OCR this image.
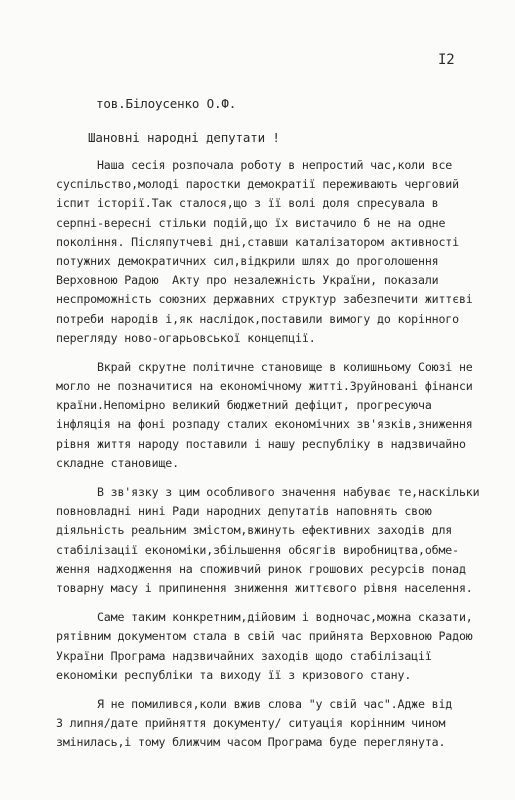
I2
тов.Білоусенко О.Ф.
Шановні народні депутати !
Наша сесія розпочала роботу в непростий час,коли все
суспільство,молоді паростки демократії переживають черговий
іспит історії.Так сталося,що з її волі доля спресувала в
серпні-вересні стільки подій,що їх вистачило б не на одне
покоління. Післяпутчеві дні,ставши каталізатором активності
потужних демократичних сил,відкрили шлях до проголошення
Верховною Радою  Акту про незалежність України, показали
неспроможність союзних державних структур забезпечити життєві
потреби народів і,як наслідок,поставили вимогу до корінного
перегляду ново-огарьовської концепції.
Вкрай скрутне політичне становище в колишньому Союзі не
могло не позначитися на економічному житті.Зруйновані фінанси
країни.Непомірно великий бюджетний дефіцит, прогресуюча
інфляція на фоні розпаду сталих економічних зв'язків,зниження
рівня життя народу поставили і нашу республіку в надзвичайно
складне становище.
В зв'язку з цим особливого значення набуває те,наскільки
повновладні нині Ради народних депутатів наповнять свою
діяльність реальним змістом,вжинуть ефективних заходів для
стабілізації економіки,збільшення обсягів виробництва,обме-
ження надходження на споживчий ринок грошових ресурсів понад
товарну масу і припинення зниження життєвого рівня населення.
Саме таким конкретним,дійовим і водночас,можна сказати,
рятівним документом стала в свій час прийнята Верховною Радою
України Програма надзвичайних заходів щодо стабілізації
економіки республіки та виходу її з кризового стану.
Я не помилився,коли вжив слова "у свій час".Адже від
3 липня/дате прийняття документу/ ситуація корінним чином
змінилась,і тому ближчим часом Програма буде переглянута.
